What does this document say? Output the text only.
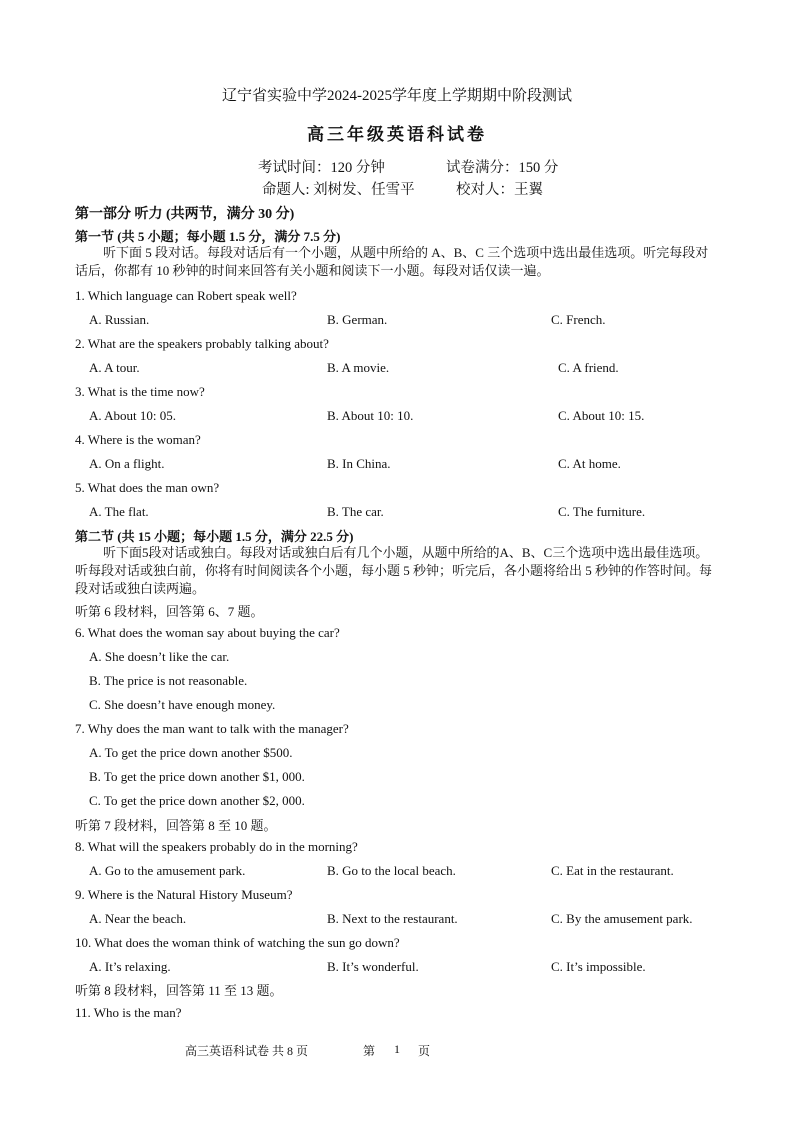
辽宁省实验中学2024-2025学年度上学期期中阶段测试
高三年级英语科试卷
考试时间：120 分钟	试卷满分：150 分
命题人: 刘树发、任雪平	校对人：王翼
第一部分 听力 (共两节，满分 30 分)
第一节 (共 5 小题；每小题 1.5 分，满分 7.5 分)
听下面 5 段对话。每段对话后有一个小题，从题中所给的 A、B、C 三个选项中选出最佳选项。听完每段对话后，你都有 10 秒钟的时间来回答有关小题和阅读下一小题。每段对话仅读一遍。
1. Which language can Robert speak well?
A. Russian.	B. German.	C. French.
2. What are the speakers probably talking about?
A. A tour.	B. A movie.	C. A friend.
3. What is the time now?
A. About 10: 05.	B. About 10: 10.	C. About 10: 15.
4. Where is the woman?
A. On a flight.	B. In China.	C. At home.
5. What does the man own?
A. The flat.	B. The car.	C. The furniture.
第二节 (共 15 小题；每小题 1.5 分，满分 22.5 分)
听下面5段对话或独白。每段对话或独白后有几个小题，从题中所给的A、B、C三个选项中选出最佳选项。听每段对话或独白前，你将有时间阅读各个小题，每小题 5 秒钟；听完后，各小题将给出 5 秒钟的作答时间。每段对话或独白读两遍。
听第 6 段材料，回答第 6、7 题。
6. What does the woman say about buying the car?
A. She doesn’t like the car.
B. The price is not reasonable.
C. She doesn’t have enough money.
7. Why does the man want to talk with the manager?
A. To get the price down another $500.
B. To get the price down another $1, 000.
C. To get the price down another $2, 000.
听第 7 段材料，回答第 8 至 10 题。
8. What will the speakers probably do in the morning?
A. Go to the amusement park.	B. Go to the local beach.	C. Eat in the restaurant.
9. Where is the Natural History Museum?
A. Near the beach.	B. Next to the restaurant.	C. By the amusement park.
10. What does the woman think of watching the sun go down?
A. It’s relaxing.	B. It’s wonderful.	C. It’s impossible.
听第 8 段材料，回答第 11 至 13 题。
11. Who is the man?
高三英语科试卷 共 8 页	第 1 页
